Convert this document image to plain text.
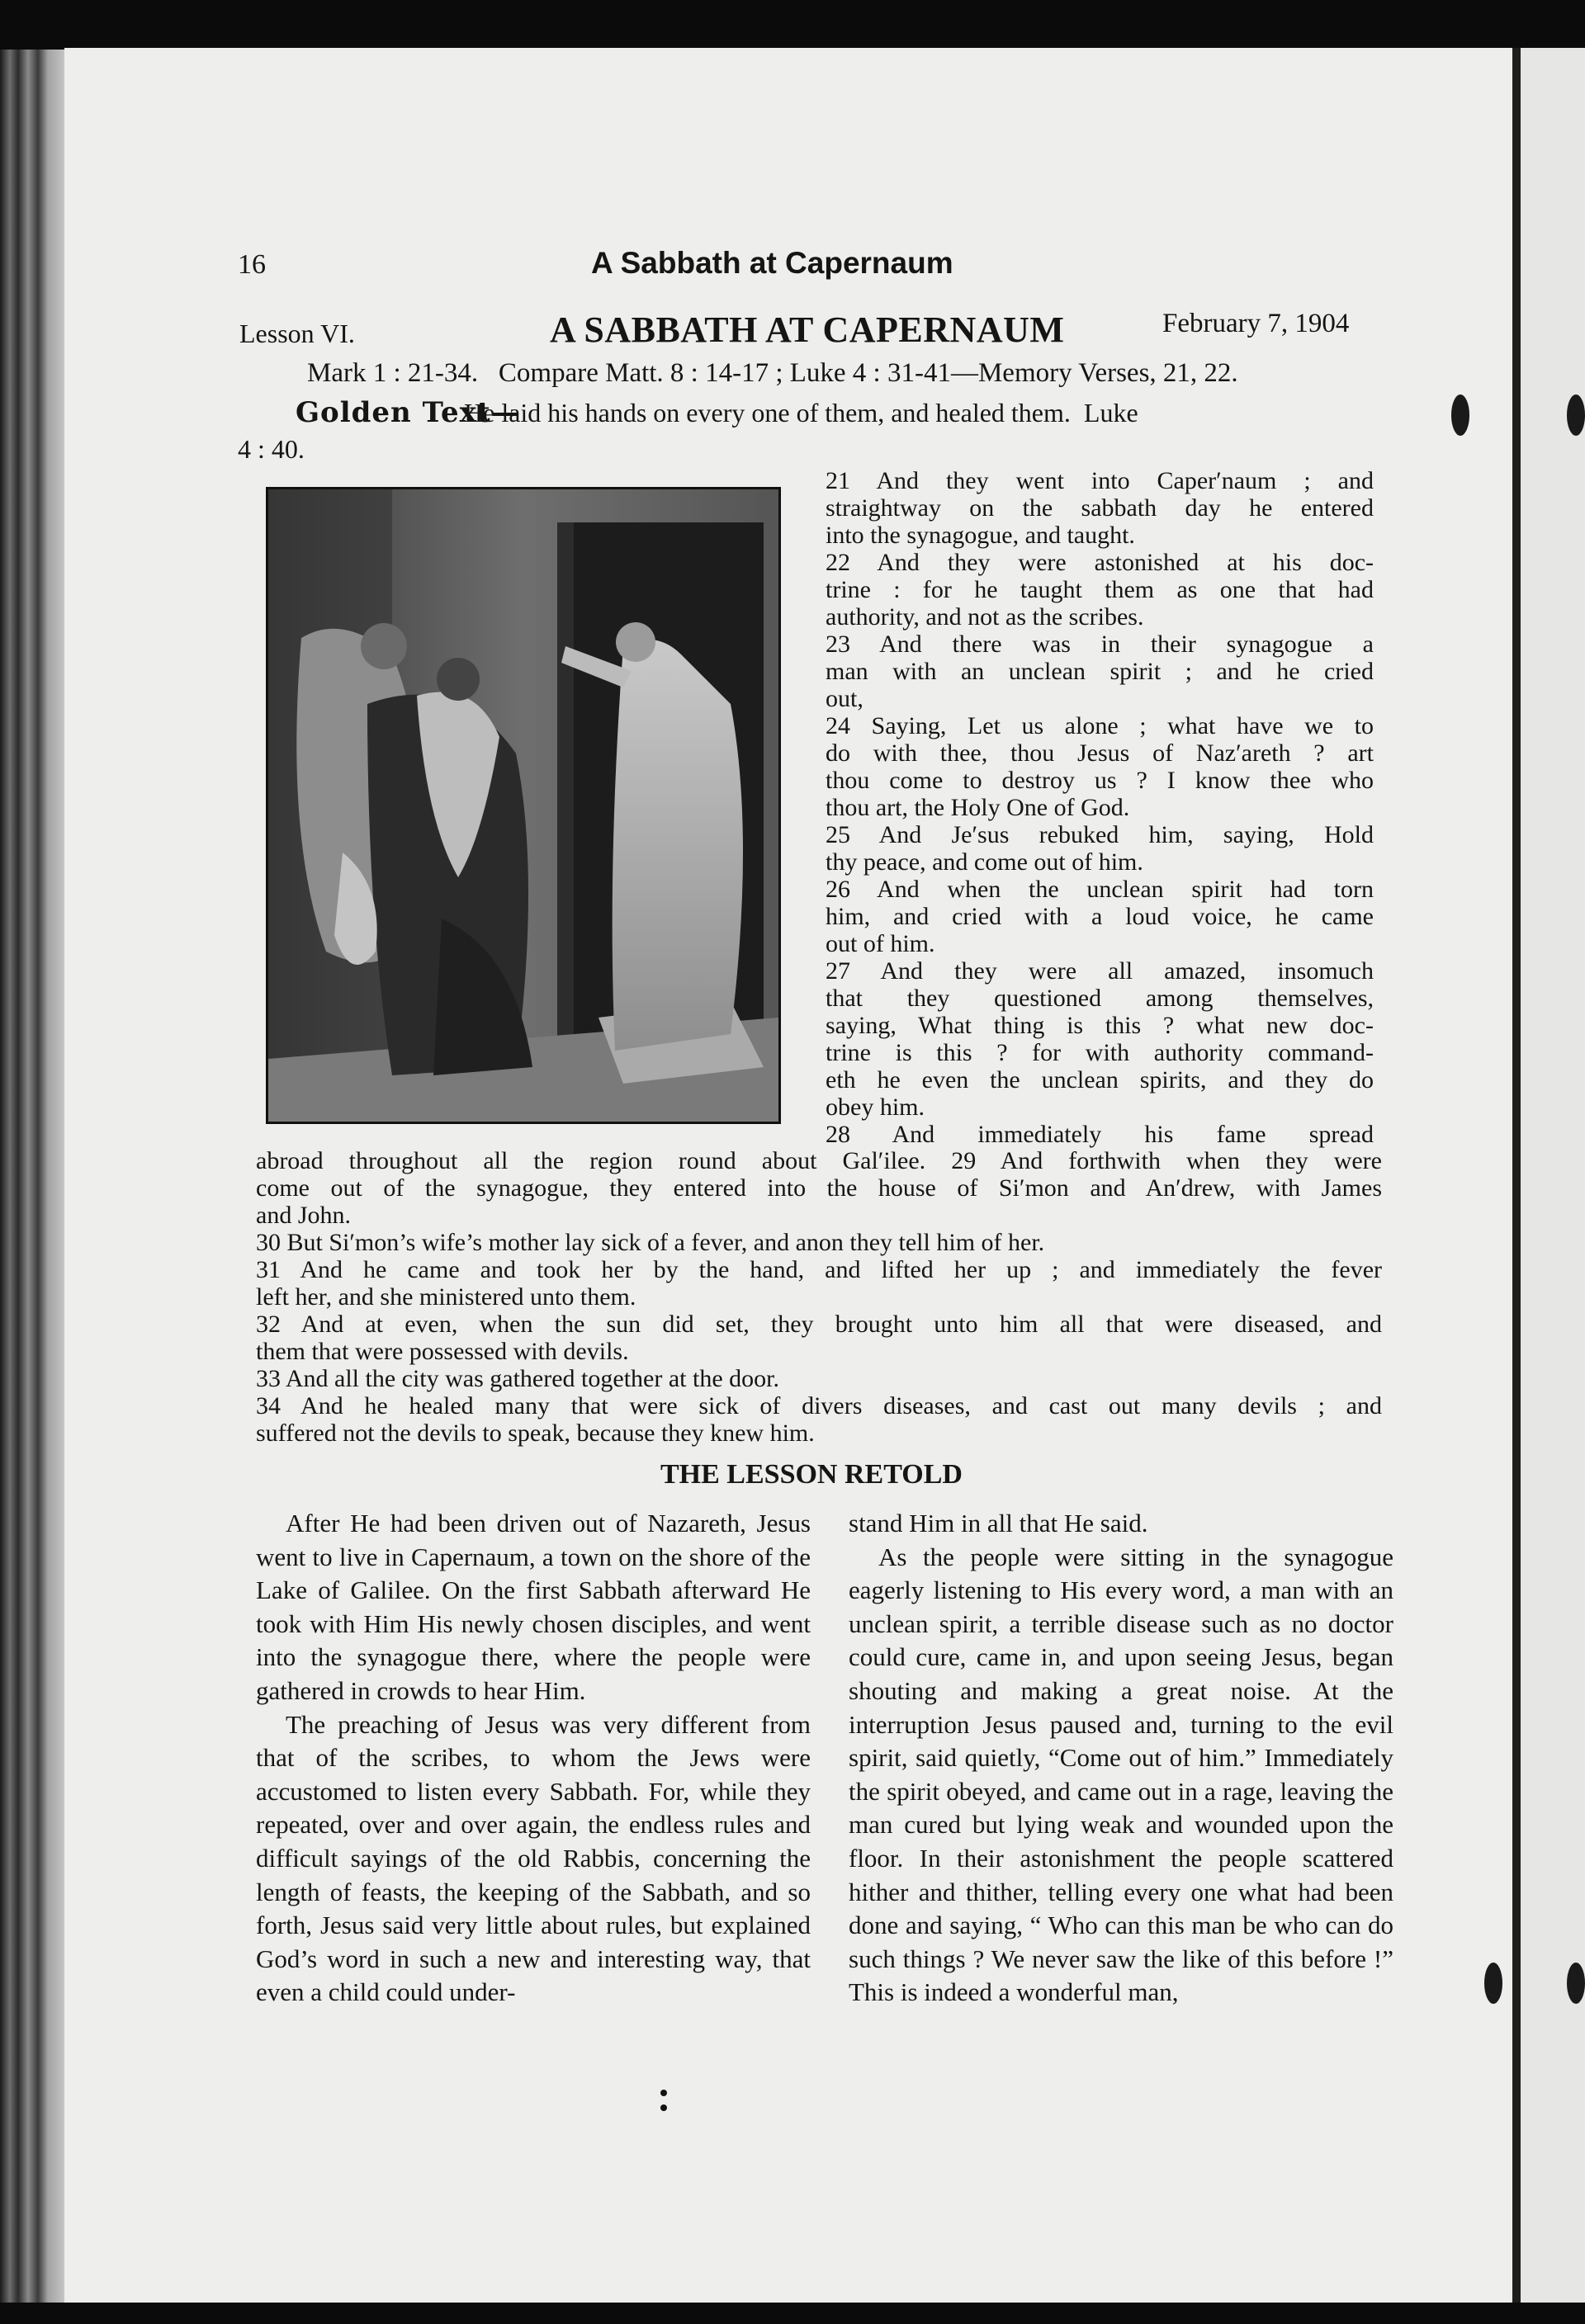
16	A Sabbath at Capernaum
Lesson VI.	A SABBATH AT CAPERNAUM	February 7, 1904
Mark 1 : 21-34.   Compare Matt. 8 : 14-17 ; Luke 4 : 31-41—Memory Verses, 21, 22.
Golden Text—
He laid his hands on every one of them, and healed them.  Luke
4 : 40.
21 And they went into Caper′naum ; and
straightway on the sabbath day he entered
into the synagogue, and taught.
22 And they were astonished at his doc-
trine : for he taught them as one that had
authority, and not as the scribes.
23 And there was in their synagogue a
man with an unclean spirit ; and he cried
out,
24 Saying, Let us alone ; what have we to
do with thee, thou Jesus of Naz′areth ? art
thou come to destroy us ? I know thee who
thou art, the Holy One of God.
25 And Je′sus rebuked him, saying, Hold
thy peace, and come out of him.
26 And when the unclean spirit had torn
him, and cried with a loud voice, he came
out of him.
27 And they were all amazed, insomuch
that they questioned among themselves,
saying, What thing is this ? what new doc-
trine is this ? for with authority command-
eth he even the unclean spirits, and they do
obey him.
28 And immediately his fame spread
abroad throughout all the region round about Gal′ilee. 29 And forthwith when they were
come out of the synagogue, they entered into the house of Si′mon and An′drew, with James
and John.
30 But Si′mon’s wife’s mother lay sick of a fever, and anon they tell him of her.
31 And he came and took her by the hand, and lifted her up ; and immediately the fever
left her, and she ministered unto them.
32 And at even, when the sun did set, they brought unto him all that were diseased, and
them that were possessed with devils.
33 And all the city was gathered together at the door.
34 And he healed many that were sick of divers diseases, and cast out many devils ; and
suffered not the devils to speak, because they knew him.
THE LESSON RETOLD

After He had been driven out of Nazareth, Jesus went to live in Capernaum, a town on the shore of the Lake of Galilee. On the first Sabbath afterward He took with Him His newly chosen disciples, and went into the synagogue there, where the people were gathered in crowds to hear Him.

The preaching of Jesus was very different from that of the scribes, to whom the Jews were accustomed to listen every Sabbath. For, while they repeated, over and over again, the endless rules and difficult sayings of the old Rabbis, concerning the length of feasts, the keeping of the Sabbath, and so forth, Jesus said very little about rules, but explained God’s word in such a new and interesting way, that even a child could under-

stand Him in all that He said.

As the people were sitting in the synagogue eagerly listening to His every word, a man with an unclean spirit, a terrible disease such as no doctor could cure, came in, and upon seeing Jesus, began shouting and making a great noise. At the interruption Jesus paused and, turning to the evil spirit, said quietly, “Come out of him.” Immediately the spirit obeyed, and came out in a rage, leaving the man cured but lying weak and wounded upon the floor. In their astonishment the people scattered hither and thither, telling every one what had been done and saying, “ Who can this man be who can do such things ? We never saw the like of this before !” This is indeed a wonderful man,
